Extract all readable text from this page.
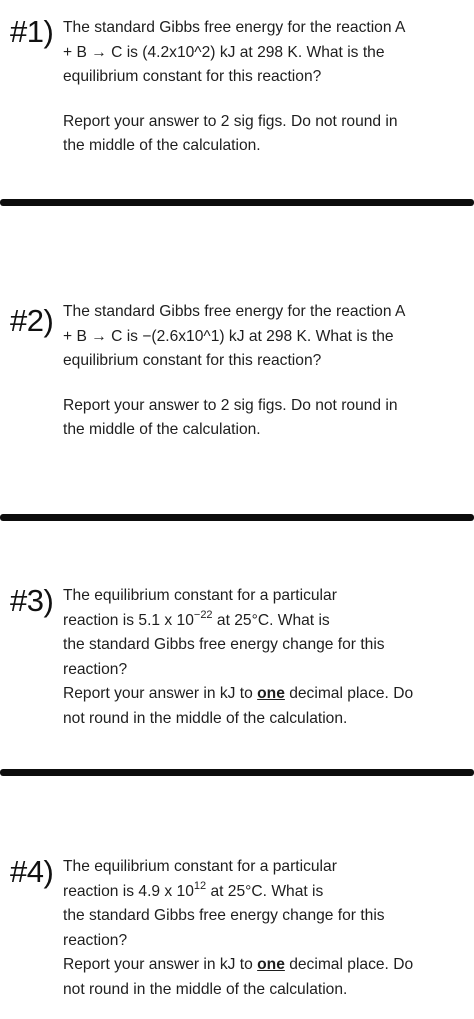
#1) The standard Gibbs free energy for the reaction A
+ B → C is (4.2x10^2) kJ at 298 K. What is the
equilibrium constant for this reaction?
Report your answer to 2 sig figs. Do not round in
the middle of the calculation.
#2) The standard Gibbs free energy for the reaction A
+ B → C is −(2.6x10^1) kJ at 298 K. What is the
equilibrium constant for this reaction?
Report your answer to 2 sig figs. Do not round in
the middle of the calculation.
#3) The equilibrium constant for a particular
reaction is 5.1 x $10^{-22}$ at 25°C. What is
the standard Gibbs free energy change for this
reaction?
Report your answer in kJ to one decimal place. Do
not round in the middle of the calculation.
#4) The equilibrium constant for a particular
reaction is 4.9 x $10^{12}$ at 25°C. What is
the standard Gibbs free energy change for this
reaction?
Report your answer in kJ to one decimal place. Do
not round in the middle of the calculation.
